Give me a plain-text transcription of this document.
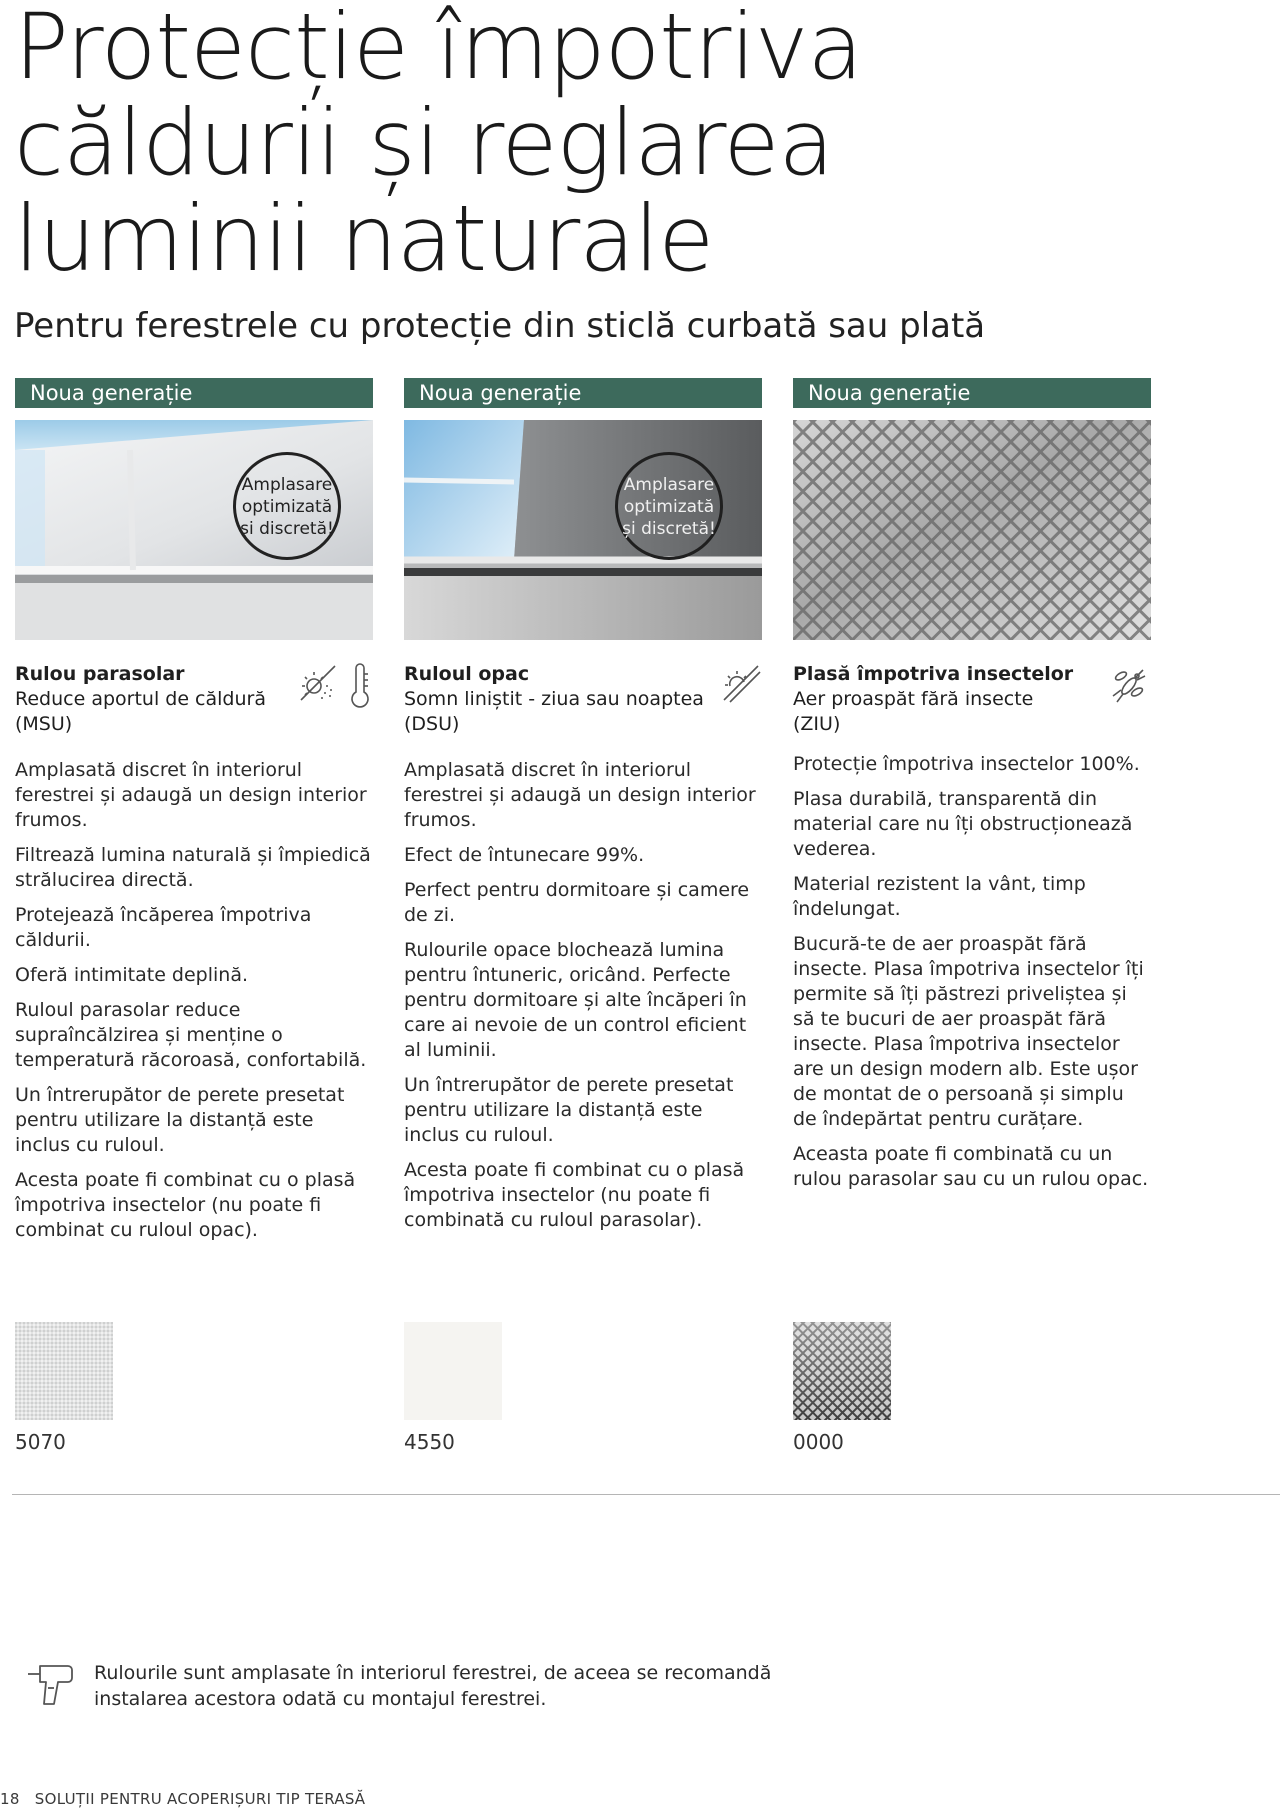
Protecție împotriva
căldurii și reglarea
luminii naturale
Pentru ferestrele cu protecție din sticlă curbată sau plată
Noua generație
Amplasare
optimizată
și discretă!
Rulou parasolar
Reduce aportul de căldură
(MSU)

Amplasată discret în interiorul ferestrei și adaugă un design interior frumos.

Filtrează lumina naturală și împiedică strălucirea directă.

Protejează încăperea împotriva căldurii.

Oferă intimitate deplină.

Ruloul parasolar reduce supraîncălzirea și menține o temperatură răcoroasă, confortabilă.

Un întrerupător de perete presetat pentru utilizare la distanță este inclus cu ruloul.

Acesta poate fi combinat cu o plasă împotriva insectelor (nu poate fi combinat cu ruloul opac).

Noua generație
Amplasare
optimizată
și discretă!
Ruloul opac
Somn liniștit - ziua sau noaptea
(DSU)

Amplasată discret în interiorul ferestrei și adaugă un design interior frumos.

Efect de întunecare 99%.

Perfect pentru dormitoare și camere de zi.

Rulourile opace blochează lumina pentru întuneric, oricând. Perfecte pentru dormitoare și alte încăperi în care ai nevoie de un control eficient al luminii.

Un întrerupător de perete presetat pentru utilizare la distanță este inclus cu ruloul.

Acesta poate fi combinat cu o plasă împotriva insectelor (nu poate fi combinată cu ruloul parasolar).

Noua generație
Plasă împotriva insectelor
Aer proaspăt fără insecte
(ZIU)

Protecție împotriva insectelor 100%.

Plasa durabilă, transparentă din material care nu îți obstrucționează vederea.

Material rezistent la vânt, timp îndelungat.

Bucură-te de aer proaspăt fără insecte. Plasa împotriva insectelor îți permite să îți păstrezi priveliștea și să te bucuri de aer proaspăt fără insecte. Plasa împotriva insectelor are un design modern alb. Este ușor de montat de o persoană și simplu de îndepărtat pentru curățare.

Aceasta poate fi combinată cu un rulou parasolar sau cu un rulou opac.

5070	4550	0000
Rulourile sunt amplasate în interiorul ferestrei, de aceea se recomandă instalarea acestora odată cu montajul ferestrei.
18 SOLUȚII PENTRU ACOPERIȘURI TIP TERASĂ
